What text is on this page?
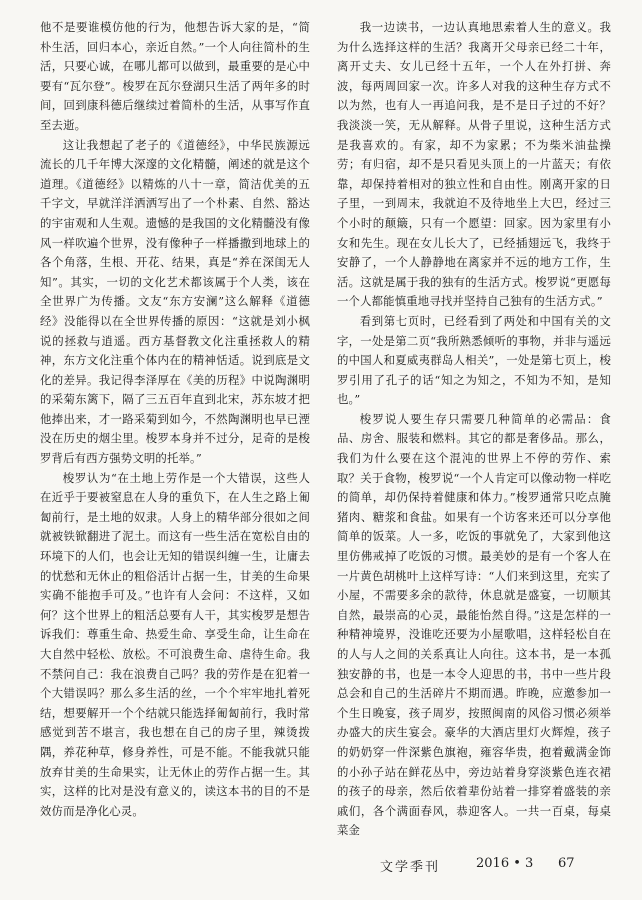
他不是要谁模仿他的行为，他想告诉大家的是，“简朴生活，回归本心，亲近自然。”一个人向往简朴的生活，只要心诚，在哪儿都可以做到，最重要的是心中要有“瓦尔登”。梭罗在瓦尔登湖只生活了两年多的时间，回到康科德后继续过着简朴的生活，从事写作直至去逝。

这让我想起了老子的《道德经》，中华民族源远流长的几千年博大深邃的文化精髓，阐述的就是这个道理。《道德经》以精炼的八十一章，简洁优美的五千字文，早就洋洋洒洒写出了一个朴素、自然、豁达的宇宙观和人生观。遗憾的是我国的文化精髓没有像风一样吹遍个世界，没有像种子一样播撒到地球上的各个角落，生根、开花、结果，真是“养在深闺无人知”。其实，一切的文化艺术都该属于个人类，该在全世界广为传播。文友“东方安澜”这么解释《道德经》没能得以在全世界传播的原因：“这就是刘小枫说的拯救与逍遥。西方基督教文化注重拯救人的精神，东方文化注重个体内在的精神恬适。说到底是文化的差异。我记得李泽厚在《美的历程》中说陶渊明的采菊东篱下，隔了三五百年直到北宋，苏东坡才把他捧出来，才一路采菊到如今，不然陶渊明也早已湮没在历史的烟尘里。梭罗本身并不过分，足奇的是梭罗背后有西方强势文明的托举。”

梭罗认为“在土地上劳作是一个大错误，这些人在近乎于要被窒息在人身的重负下，在人生之路上匍匐前行，是土地的奴隶。人身上的精华部分很如之间就被铁锨翻进了泥土。而这有一些生活在宽松自由的环境下的人们，也会让无知的错误纠缠一生，让庸去的忧愁和无休止的粗俗活计占据一生，甘美的生命果实确不能抱手可及。”也许有人会问：不这样，又如何？这个世界上的粗活总要有人干，其实梭罗是想告诉我们：尊重生命、热爱生命、享受生命，让生命在大自然中轻松、放松。不可浪费生命、虐待生命。我不禁问自己：我在浪费自己吗？我的劳作是在犯着一个大错误吗？那么多生活的丝，一个个牢牢地扎着死结，想要解开一个个结就只能选择匍匐前行，我时常感觉到苦不堪言，我也想在自己的房子里，辣烫拨隅，养花种草，修身养性，可是不能。不能我就只能放弃甘美的生命果实，让无休止的劳作占据一生。其实，这样的比对是没有意义的，读这本书的目的不是效仿而是净化心灵。

我一边读书，一边认真地思索着人生的意义。我为什么选择这样的生活？我离开父母亲已经二十年，离开丈夫、女儿已经十五年，一个人在外打拼、奔波，每两周回家一次。许多人对我的这种生存方式不以为然，也有人一再追问我，是不是日子过的不好？我淡淡一笑，无从解释。从骨子里说，这种生活方式是我喜欢的。有家，却不为家累；不为柴米油盐操劳；有归宿，却不是只看见头顶上的一片蓝天；有依靠，却保持着相对的独立性和自由性。刚离开家的日子里，一到周末，我就迫不及待地坐上大巴，经过三个小时的颠簸，只有一个愿望：回家。因为家里有小女和先生。现在女儿长大了，已经插翅远飞，我终于安静了，一个人静静地在离家并不远的地方工作，生活。这就是属于我的独有的生活方式。梭罗说“更愿每一个人都能慎重地寻找并坚持自己独有的生活方式。”

看到第七页时，已经看到了两处和中国有关的文字，一处是第二页“我所熟悉倾听的事物，并非与遥远的中国人和夏威夷群岛人相关”，一处是第七页上，梭罗引用了孔子的话“知之为知之，不知为不知，是知也。”

梭罗说人要生存只需要几种简单的必需品：食品、房舍、服装和燃料。其它的都是奢侈品。那么，我们为什么要在这个混沌的世界上不停的劳作、索取？关于食物，梭罗说“一个人肯定可以像动物一样吃的简单，却仍保持着健康和体力。”梭罗通常只吃点腌猪肉、糖浆和食盐。如果有一个访客来还可以分享他简单的饭菜。人一多，吃饭的事就免了，大家到他这里仿佛戒掉了吃饭的习惯。最美妙的是有一个客人在一片黄色胡桃叶上这样写诗：“人们来到这里，充实了小屋，不需要多余的款待，休息就是盛宴，一切顺其自然，最崇高的心灵，最能怡然自得。”这是怎样的一种精神境界，没谁吃还要为小屋歌唱，这样轻松自在的人与人之间的关系真让人向往。这本书，是一本孤独安静的书，也是一本令人迎思的书，书中一些片段总会和自己的生活碎片不期而遇。昨晚，应邀参加一个生日晚宴，孩子周岁，按照闽南的风俗习惯必须举办盛大的庆生宴会。豪华的大酒店里灯火辉煌，孩子的奶奶穿一件深紫色旗袍，雍容华贵，抱着戴满金饰的小孙子站在鲜花丛中，旁边站着身穿淡紫色连衣裙的孩子的母亲，然后依着辈份站着一排穿着盛装的亲戚们，各个满面春风，恭迎客人。一共一百桌，每桌菜金

文学季刊	2016 • 3 67
